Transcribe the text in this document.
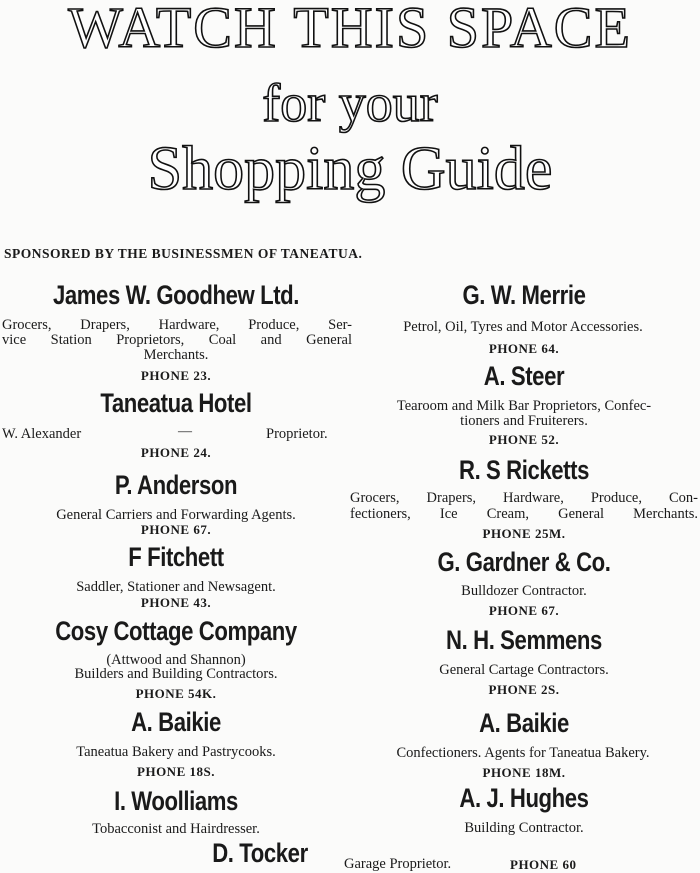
WATCH THIS SPACE
for your
Shopping Guide
SPONSORED BY THE BUSINESSMEN OF TANEATUA.
James W. Goodhew Ltd.
Grocers, Drapers, Hardware, Produce, Ser-
vice Station Proprietors, Coal and General
Merchants.
PHONE 23.
Taneatua Hotel
W. Alexander	—	Proprietor.
PHONE 24.
P. Anderson
General Carriers and Forwarding Agents.
PHONE 67.
F Fitchett
Saddler, Stationer and Newsagent.
PHONE 43.
Cosy Cottage Company
(Attwood and Shannon)
Builders and Building Contractors.
PHONE 54K.
A. Baikie
Taneatua Bakery and Pastrycooks.
PHONE 18S.
I. Woolliams
Tobacconist and Hairdresser.
G. W. Merrie
Petrol, Oil, Tyres and Motor Accessories.
PHONE 64.
A. Steer
Tearoom and Milk Bar Proprietors, Confec-
tioners and Fruiterers.
PHONE 52.
R. S Ricketts
Grocers, Drapers, Hardware, Produce, Con-
fectioners, Ice Cream, General Merchants.
PHONE 25M.
G. Gardner & Co.
Bulldozer Contractor.
PHONE 67.
N. H. Semmens
General Cartage Contractors.
PHONE 2S.
A. Baikie
Confectioners. Agents for Taneatua Bakery.
PHONE 18M.
A. J. Hughes
Building Contractor.
D. Tocker	Garage Proprietor.	PHONE 60
